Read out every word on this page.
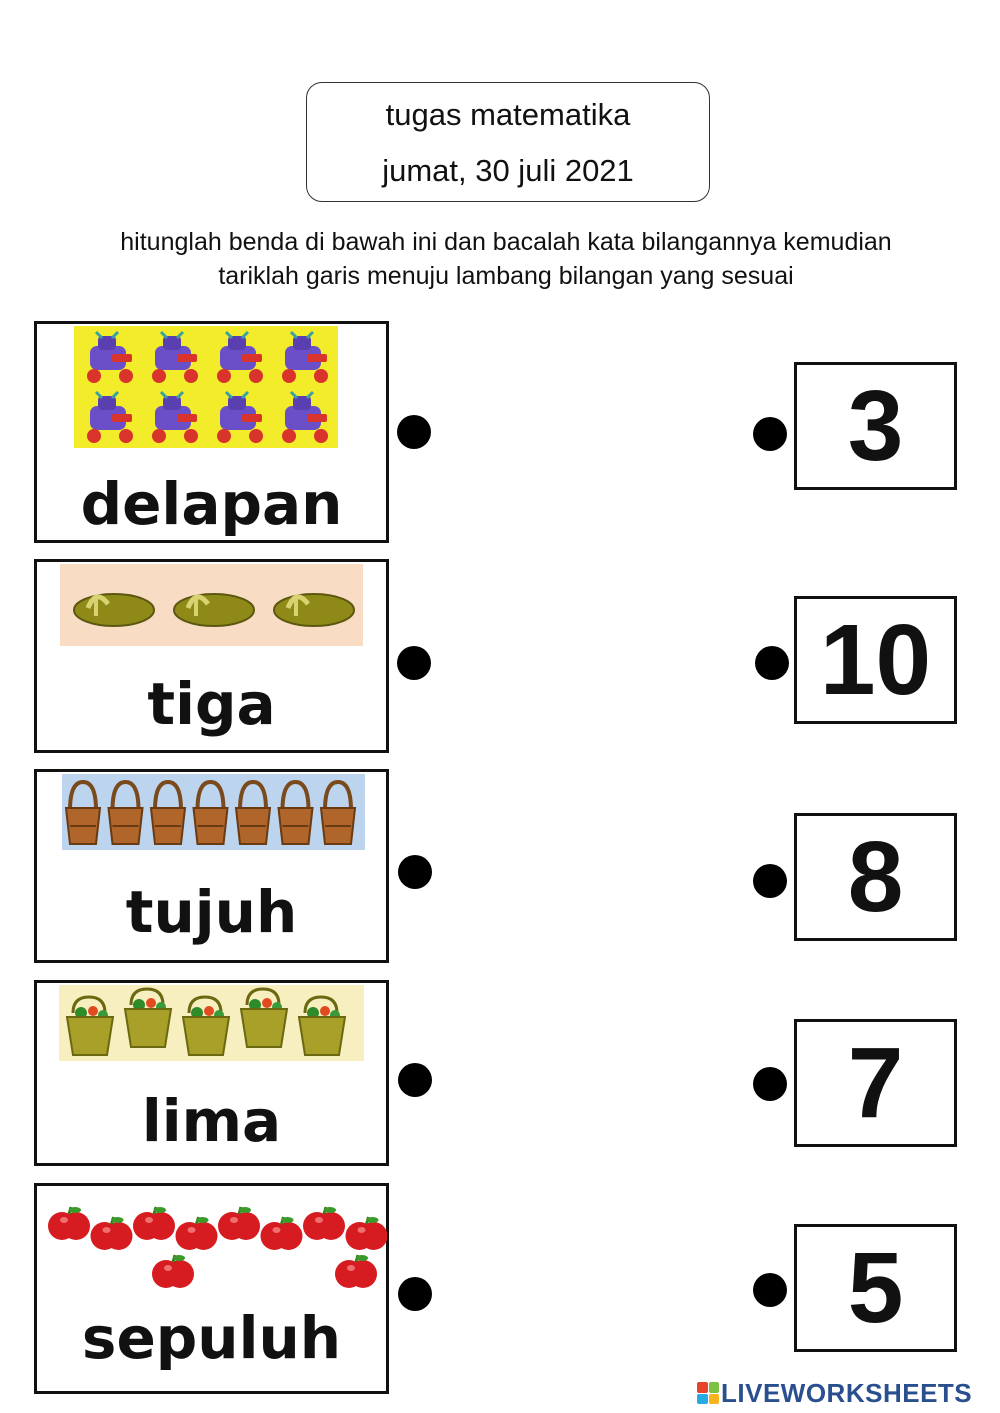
tugas matematika
jumat, 30 juli 2021
hitunglah benda di bawah ini dan bacalah kata bilangannya kemudian
tariklah garis menuju lambang bilangan yang sesuai
delapan
tiga
tujuh
lima
sepuluh
3
10
8
7
5
LIVEWORKSHEETS
